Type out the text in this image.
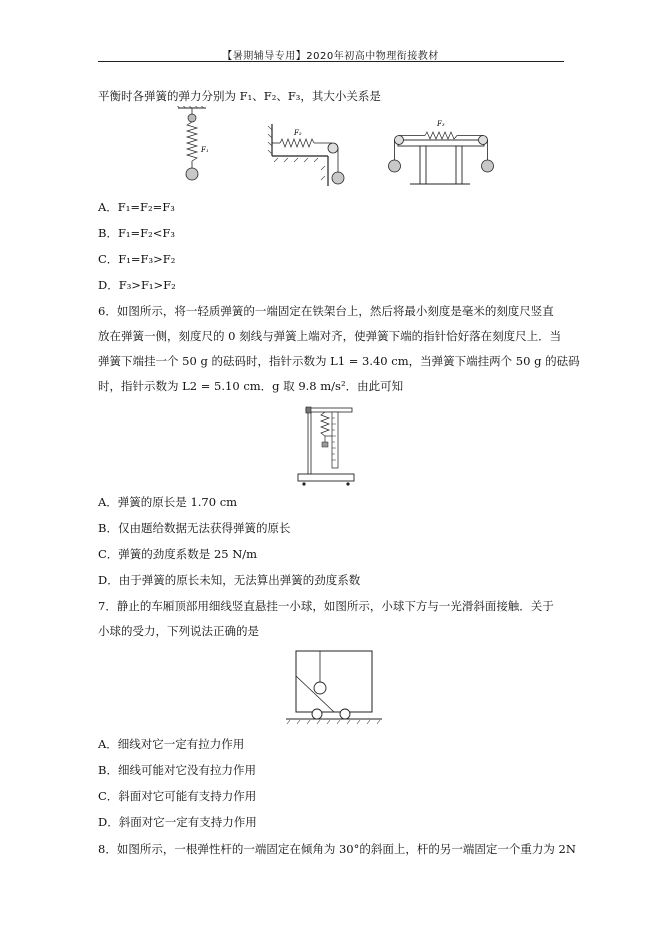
【暑期辅导专用】2020年初高中物理衔接教材
平衡时各弹簧的弹力分别为 F₁、F₂、F₃，其大小关系是
F₁
F₂
F₃
A．F₁=F₂=F₃
B．F₁=F₂<F₃
C．F₁=F₃>F₂
D．F₃>F₁>F₂
6．如图所示，将一轻质弹簧的一端固定在铁架台上，然后将最小刻度是毫米的刻度尺竖直
放在弹簧一侧，刻度尺的 0 刻线与弹簧上端对齐，使弹簧下端的指针恰好落在刻度尺上．当
弹簧下端挂一个 50 g 的砝码时，指针示数为 L1 = 3.40 cm，当弹簧下端挂两个 50 g 的砝码
时，指针示数为 L2 = 5.10 cm．g 取 9.8 m/s²．由此可知
A．弹簧的原长是 1.70 cm
B．仅由题给数据无法获得弹簧的原长
C．弹簧的劲度系数是 25 N/m
D．由于弹簧的原长未知，无法算出弹簧的劲度系数
7．静止的车厢顶部用细线竖直悬挂一小球，如图所示，小球下方与一光滑斜面接触．关于
小球的受力，下列说法正确的是
A．细线对它一定有拉力作用
B．细线可能对它没有拉力作用
C．斜面对它可能有支持力作用
D．斜面对它一定有支持力作用
8．如图所示，一根弹性杆的一端固定在倾角为 30°的斜面上，杆的另一端固定一个重力为 2N
